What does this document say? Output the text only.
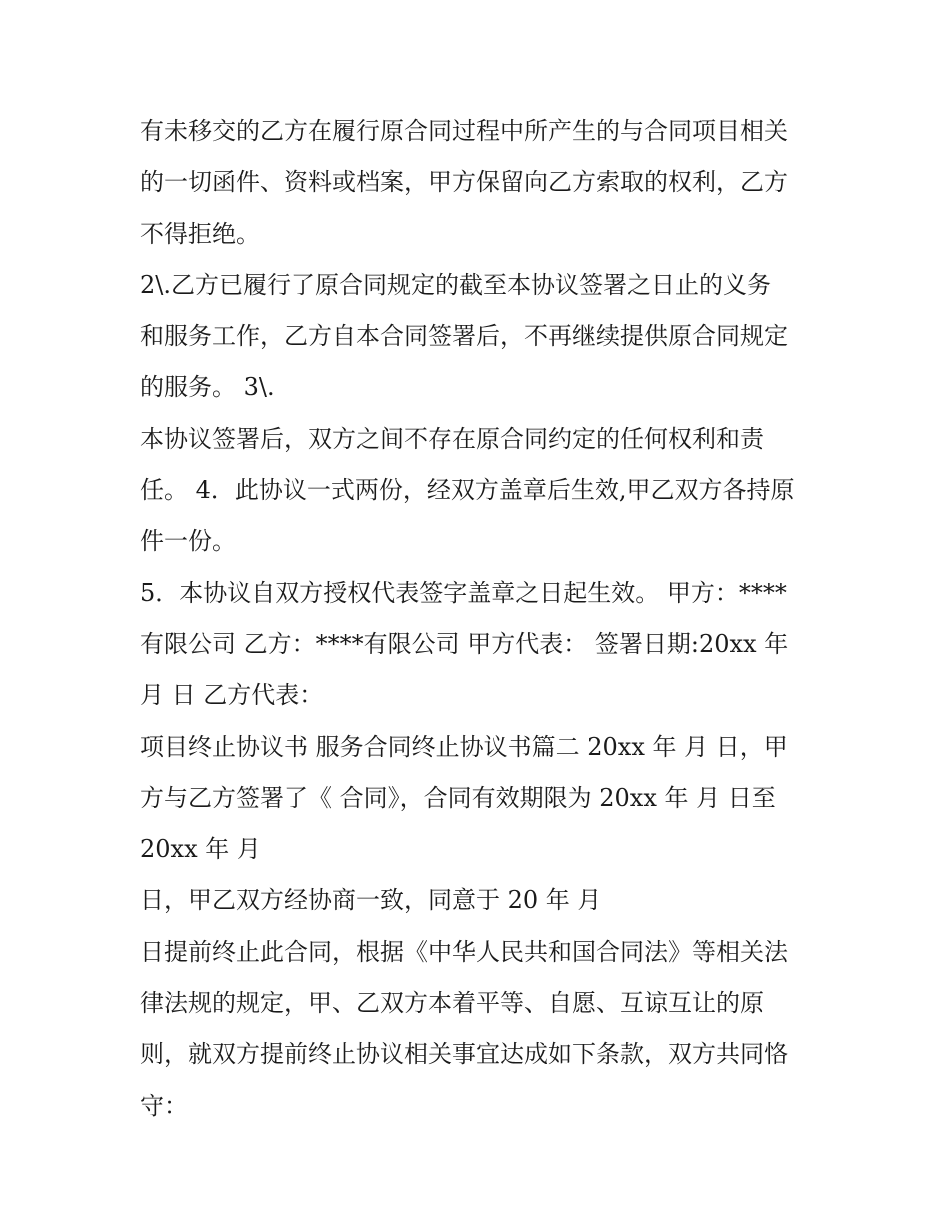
有未移交的乙方在履行原合同过程中所产生的与合同项目相关
的一切函件、资料或档案，甲方保留向乙方索取的权利，乙方
不得拒绝。
2\.乙方已履行了原合同规定的截至本协议签署之日止的义务
和服务工作，乙方自本合同签署后，不再继续提供原合同规定
的服务。 3\.
本协议签署后，双方之间不存在原合同约定的任何权利和责
任。 4．此协议一式两份，经双方盖章后生效,甲乙双方各持原
件一份。
5．本协议自双方授权代表签字盖章之日起生效。 甲方：****
有限公司 乙方：****有限公司 甲方代表： 签署日期:20xx 年
月 日 乙方代表：
项目终止协议书 服务合同终止协议书篇二 20xx 年 月 日，甲
方与乙方签署了《 合同》，合同有效期限为 20xx 年 月 日至
20xx 年 月
日，甲乙双方经协商一致，同意于 20 年 月
日提前终止此合同，根据《中华人民共和国合同法》等相关法
律法规的规定，甲、乙双方本着平等、自愿、互谅互让的原
则，就双方提前终止协议相关事宜达成如下条款，双方共同恪
守：
